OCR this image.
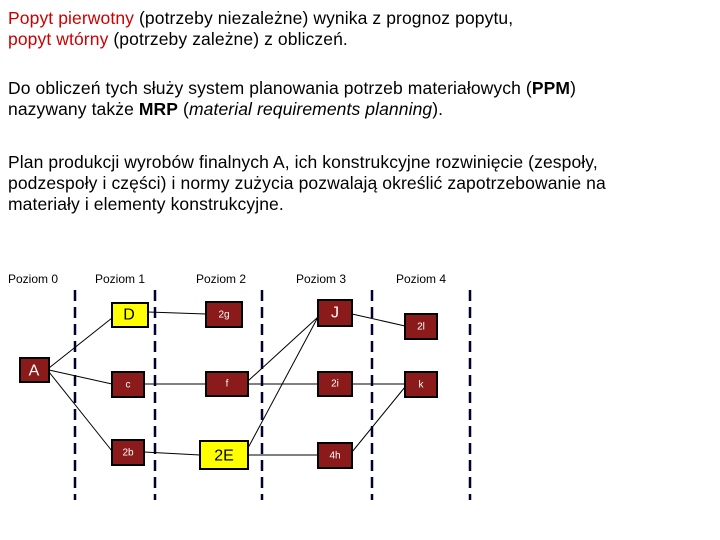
Popyt pierwotny (potrzeby niezależne) wynika z prognoz popytu,
popyt wtórny (potrzeby zależne) z obliczeń.
Do obliczeń tych służy system planowania potrzeb materiałowych (PPM)
nazywany także MRP (material requirements planning).
Plan produkcji wyrobów finalnych A, ich konstrukcyjne rozwinięcie (zespoły,
podzespoły i części) i normy zużycia pozwalają określić zapotrzebowanie na
materiały i elementy konstrukcyjne.
Poziom 0	Poziom 1	Poziom 2	Poziom 3	Poziom 4
A
D
c
2b
2g
f
2E
J
2i
4h
2l
k
